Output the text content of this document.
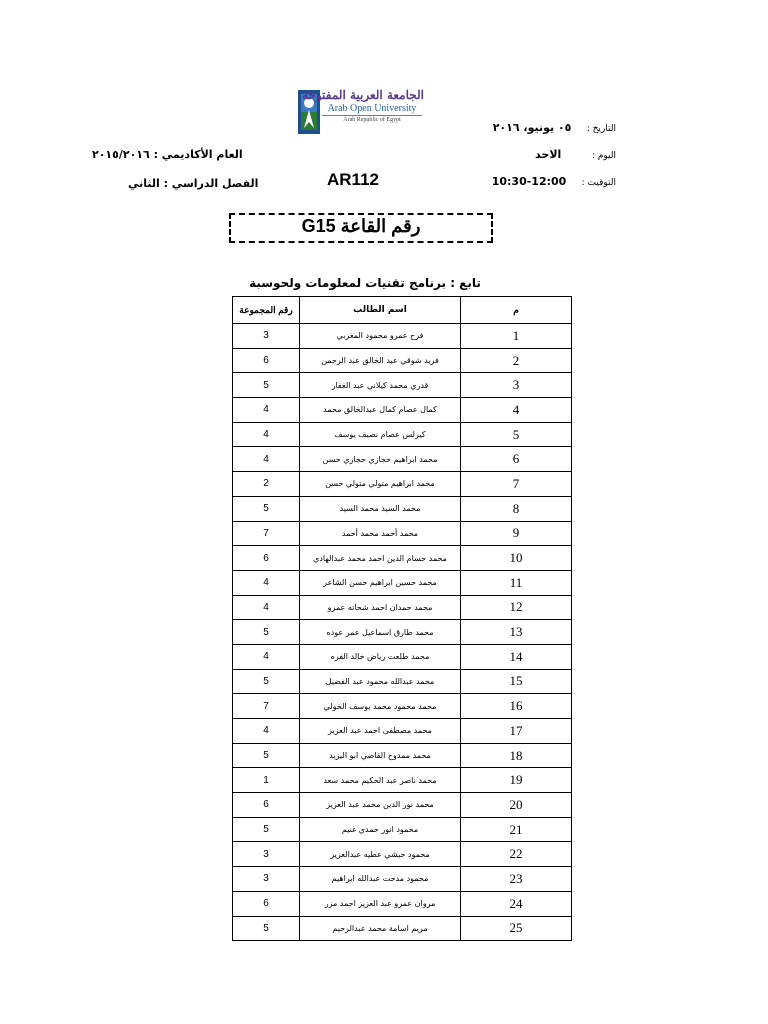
الجامعة العربية المفتوحة
Arab Open University
Arab Republic of Egypt
التاريخ :    ٠٥ يونيو، ٢٠١٦
اليوم :        الاحد
التوقيت :    10:30-12:00
العام الأكاديمي : ٢٠١٥/٢٠١٦
الفصل الدراسي : الثاني	AR112
رقم القاعة G15
تابع : برنامج تقنيات لمعلومات ولحوسبة
رقم المجموعة	اسم الطالب	م
3	فرح عمرو محمود المغربي	1
6	فريد شوقي عبد الخالق عبد الرحمن	2
5	قدري محمد كيلاني عبد الغفار	3
4	كمال عصام كمال عبدالخالق محمد	4
4	كيرلس عصام نصيف يوسف	5
4	محمد ابراهيم حجازي حجازي حسن	6
2	محمد ابراهيم متولي متولي حسن	7
5	محمد السيد محمد السيد	8
7	محمد أحمد محمد أحمد	9
6	محمد حسام الدين احمد محمد عبدالهادي	10
4	محمد حسين ابراهيم حسن الشاعر	11
4	محمد حمدان احمد شحاته عمرو	12
5	محمد طارق اسماعيل عمر عوده	13
4	محمد طلعت رياض خالد الفره	14
5	محمد عبدالله محمود عبد الفضيل	15
7	محمد محمود محمد يوسف الخولي	16
4	محمد مصطفى احمد عبد العزيز	17
5	محمد ممدوح القاضي ابو اليزيد	18
1	محمد ناصر عبد الحكيم محمد سعد	19
6	محمد نور الدين محمد عبد العزيز	20
5	محمود انور حمدي غنيم	21
3	محمود حبشي عطيه عبدالعزيز	22
3	محمود مدحت عبدالله ابراهيم	23
6	مروان عمرو عبد العزيز احمد مزر	24
5	مريم اسامة محمد عبدالرحيم	25
